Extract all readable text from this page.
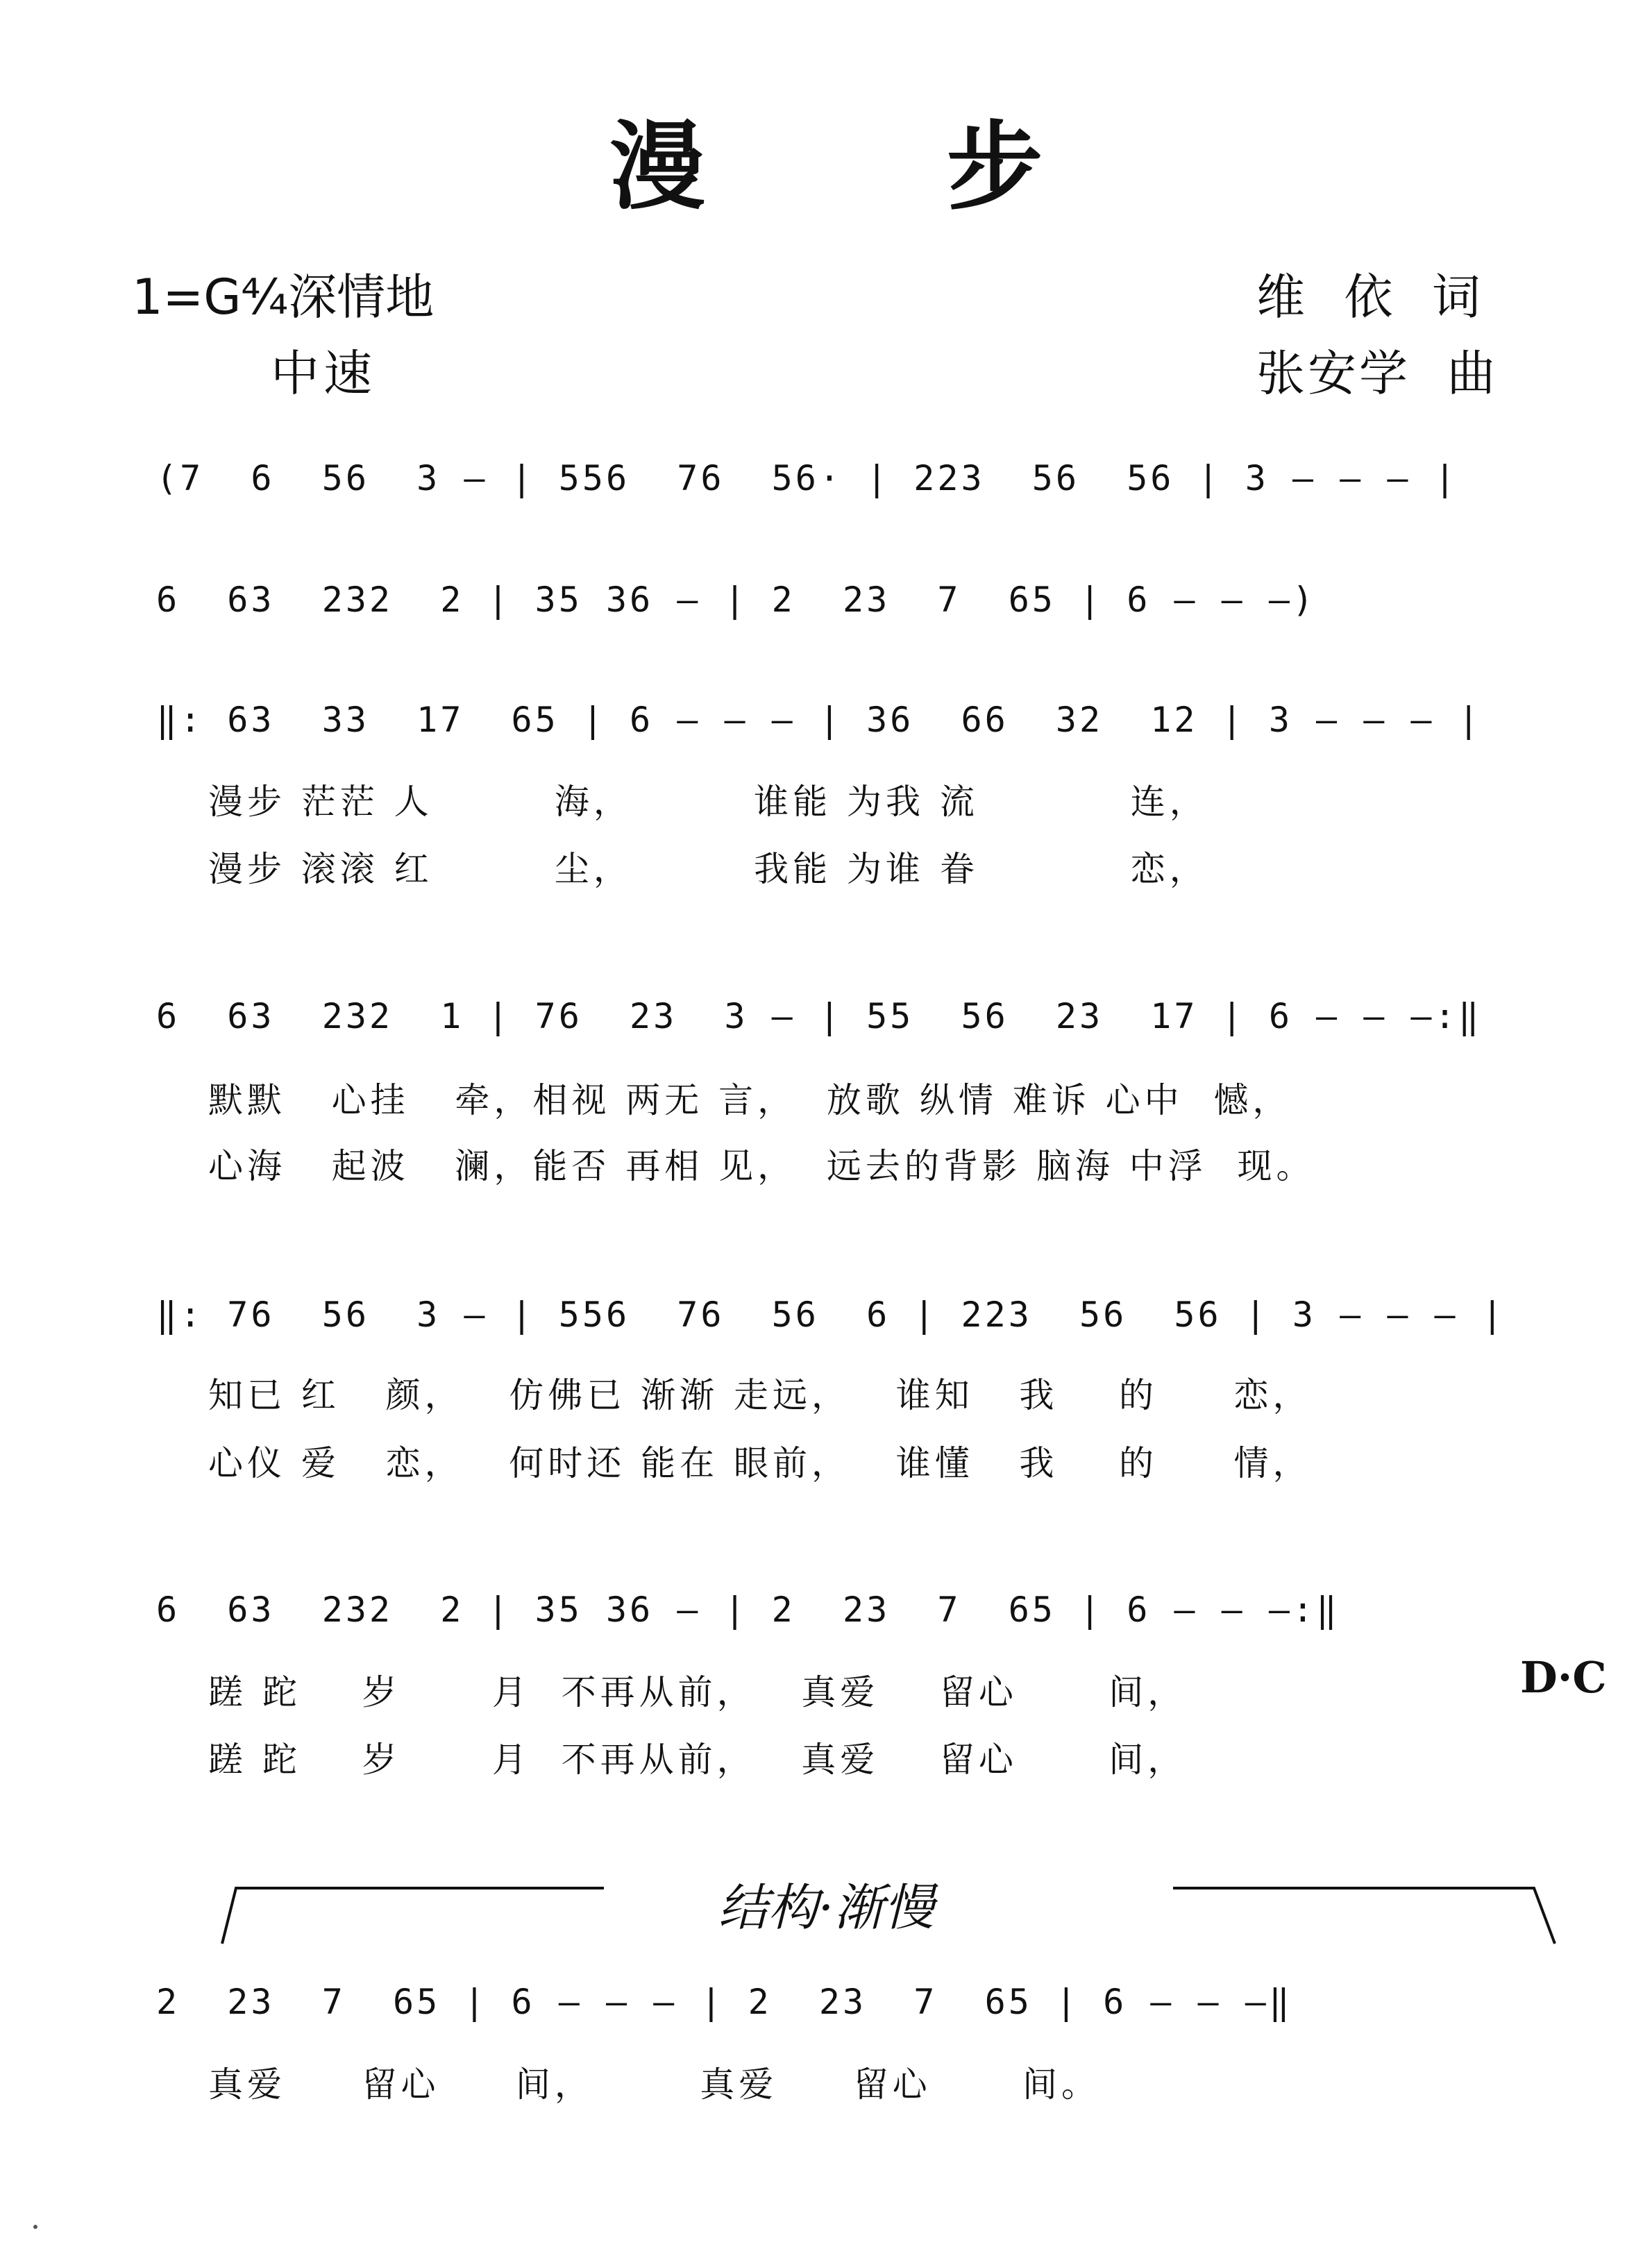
漫 步
1=G⁴⁄₄深情地
中速
维  依  词
张安学  曲
(7  6  56  3 — | 556  76  56· | 223  56  56 | 3 — — — |
6  63  232  2 | 35 36 — | 2  23  7  65 | 6 — — —)
‖: 63  33  17  65 | 6 — — — | 36  66  32  12 | 3 — — — |
漫步 茫茫 人        海，        谁能 为我 流          连，
漫步 滚滚 红        尘，        我能 为谁 眷          恋，
6  63  232  1 | 76  23  3 — | 55  56  23  17 | 6 — — —:‖
默默   心挂   牵，相视 两无 言，  放歌 纵情 难诉 心中  憾，
心海   起波   澜，能否 再相 见，  远去的背影 脑海 中浮  现。
‖: 76  56  3 — | 556  76  56  6 | 223  56  56 | 3 — — — |
知已 红   颜，   仿佛已 渐渐 走远，   谁知   我    的     恋，
心仪 爱   恋，   何时还 能在 眼前，   谁懂   我    的     情，
6  63  232  2 | 35 36 — | 2  23  7  65 | 6 — — —:‖
蹉 跎    岁      月  不再从前，   真爱    留心      间，
蹉 跎    岁      月  不再从前，   真爱    留心      间，
D·C
结构·渐慢
2  23  7  65 | 6 — — — | 2  23  7  65 | 6 — — —‖
真爱     留心     间，       真爱     留心      间。
